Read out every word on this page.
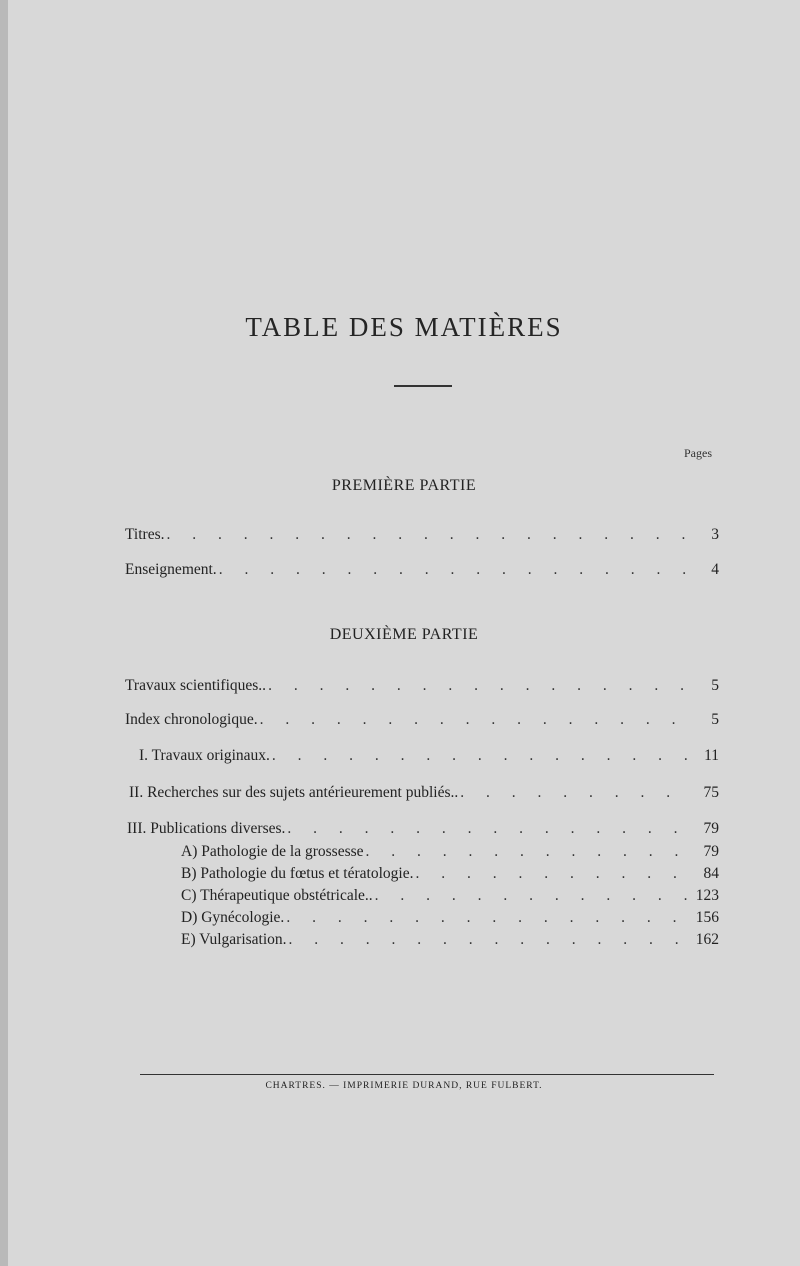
TABLE DES MATIÈRES
Pages
PREMIÈRE PARTIE
Titres. . . .	3
Enseignement. . . .	4
DEUXIÈME PARTIE
Travaux scientifiques.. . . .	5
Index chronologique. . . .	5
I. Travaux originaux. . . .	11
II. Recherches sur des sujets antérieurement publiés.. . . .	75
III. Publications diverses. . . .	79
A) Pathologie de la grossesse . . .	79
B) Pathologie du fœtus et tératologie. . . .	84
C) Thérapeutique obstétricale.. . . .	123
D) Gynécologie. . . .	156
E) Vulgarisation. . . .	162
CHARTRES. — IMPRIMERIE DURAND, RUE FULBERT.
